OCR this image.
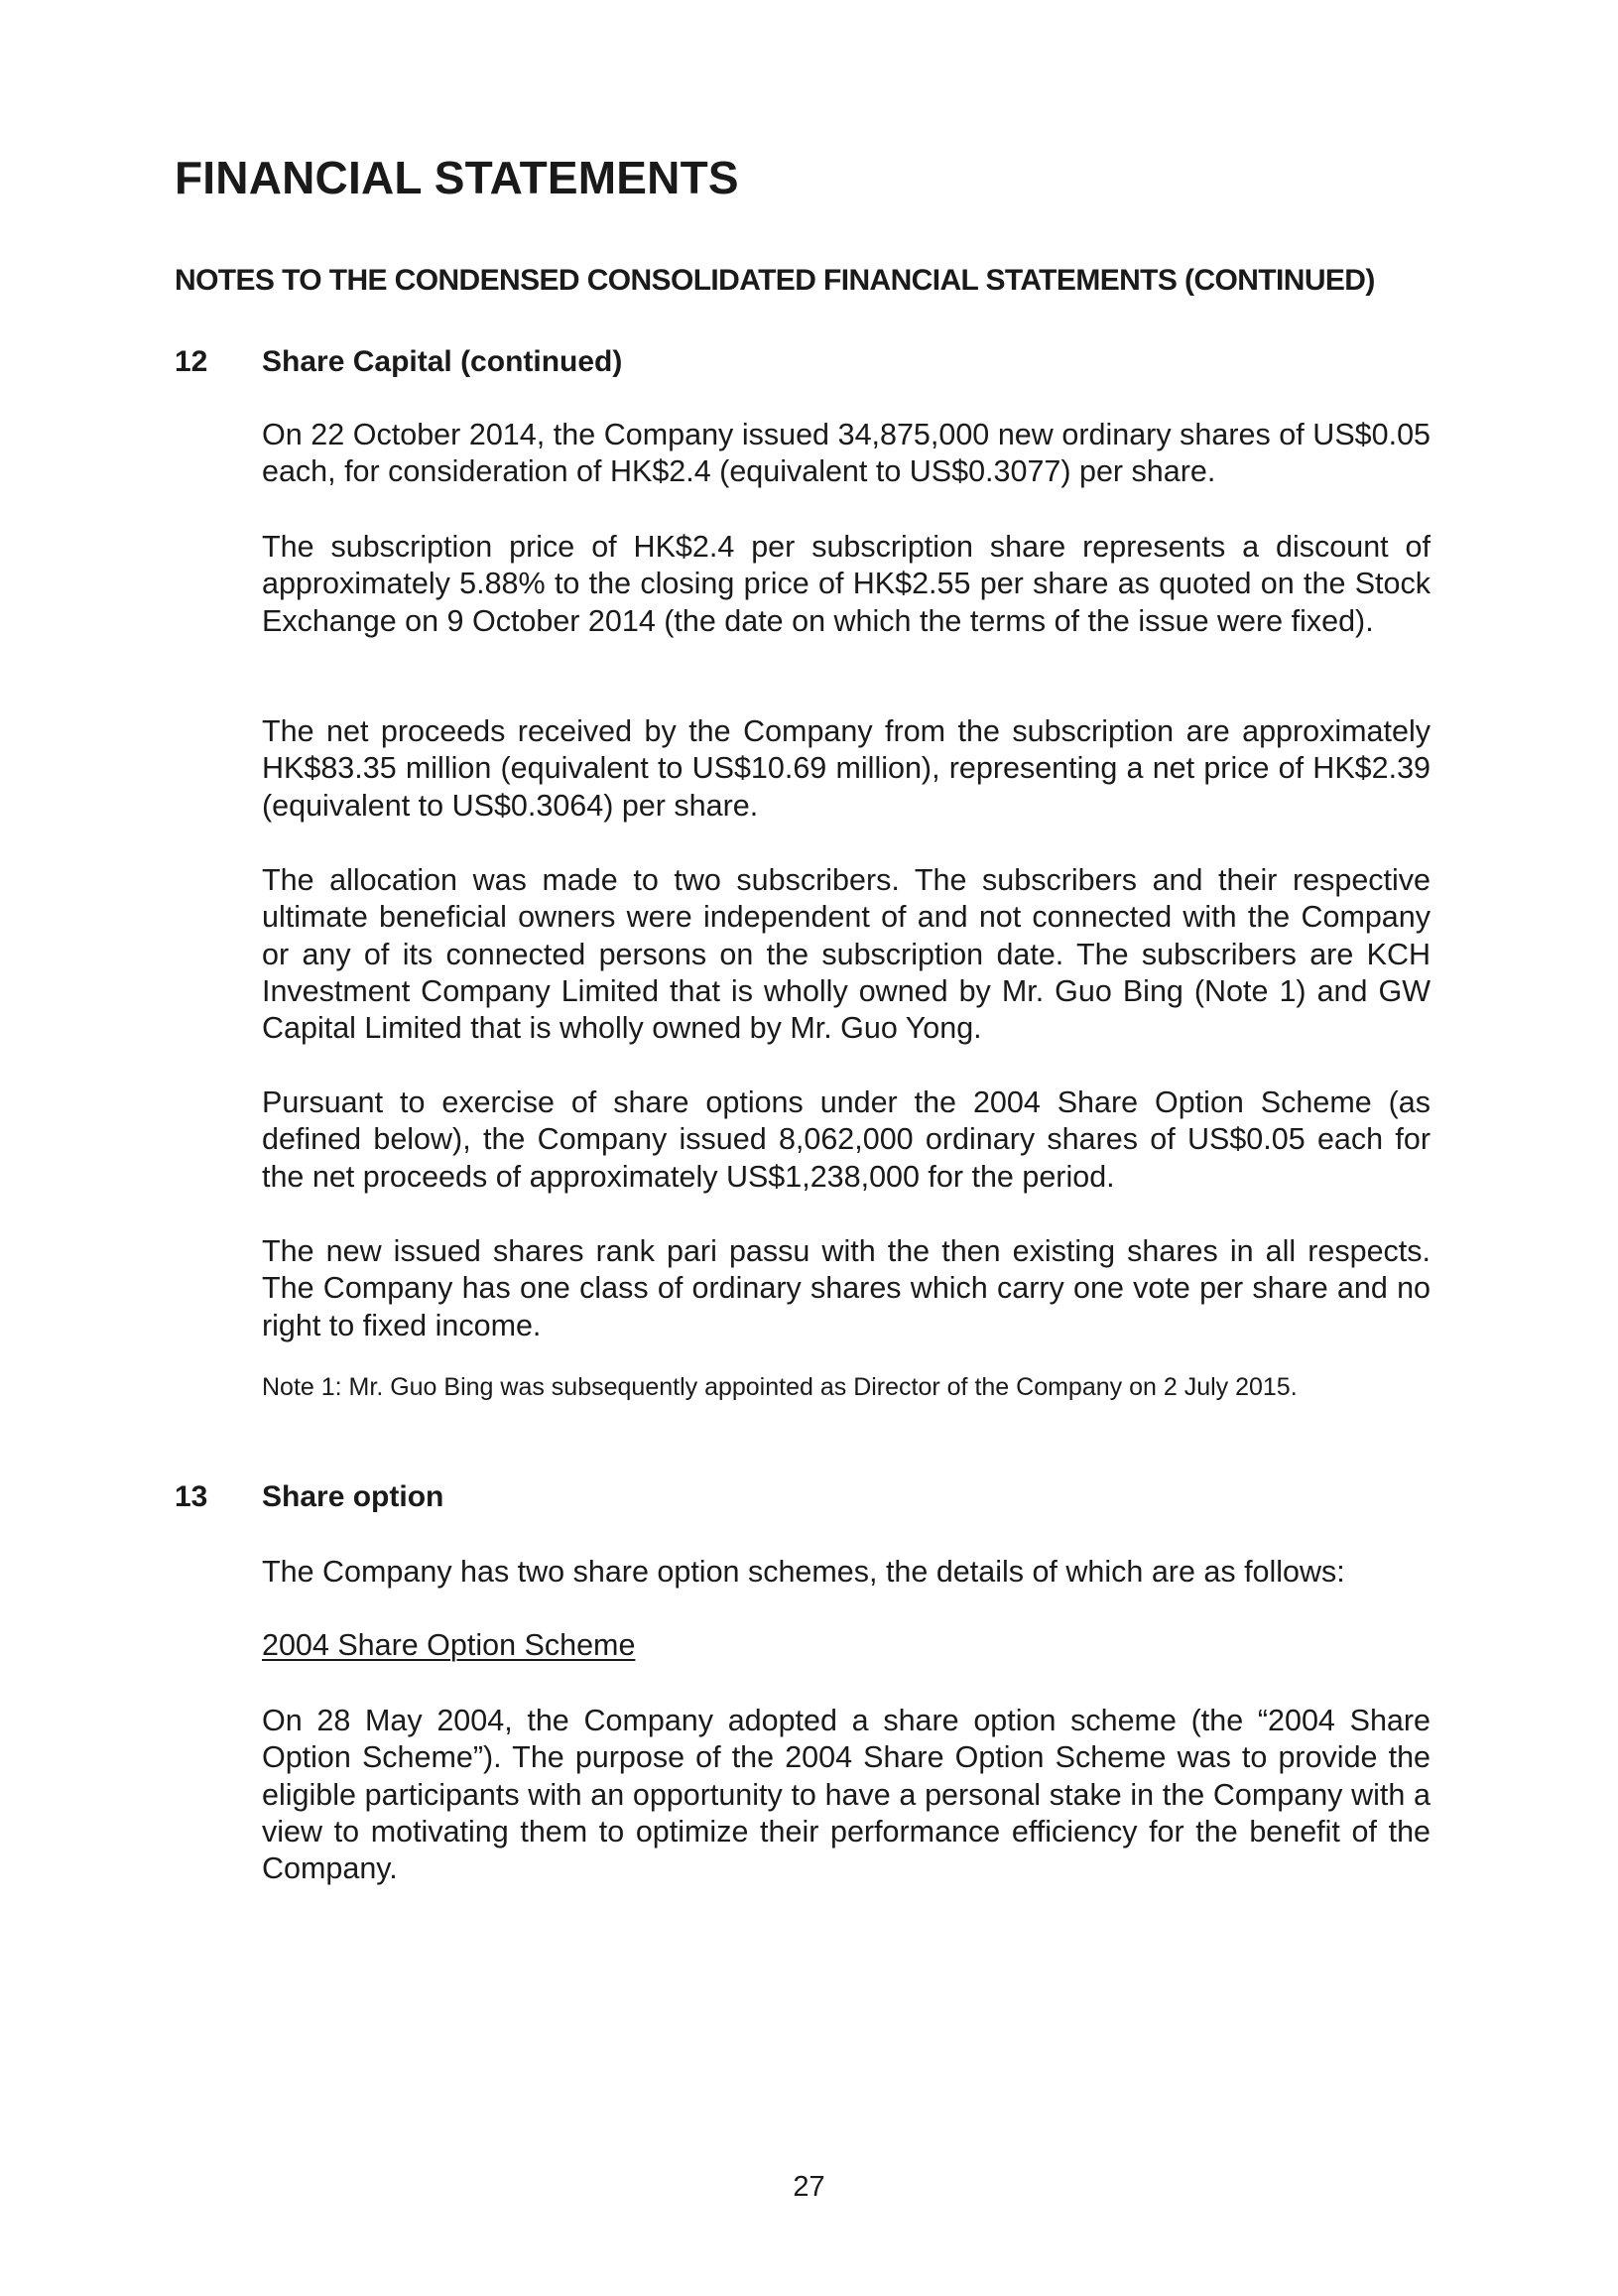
FINANCIAL STATEMENTS
NOTES TO THE CONDENSED CONSOLIDATED FINANCIAL STATEMENTS (CONTINUED)
12 Share Capital (continued)

On 22 October 2014, the Company issued 34,875,000 new ordinary shares of US$0.05 each, for consideration of HK$2.4 (equivalent to US$0.3077) per share.

The subscription price of HK$2.4 per subscription share represents a discount of approximately 5.88% to the closing price of HK$2.55 per share as quoted on the Stock Exchange on 9 October 2014 (the date on which the terms of the issue were fixed).

The net proceeds received by the Company from the subscription are approximately HK$83.35 million (equivalent to US$10.69 million), representing a net price of HK$2.39 (equivalent to US$0.3064) per share.

The allocation was made to two subscribers. The subscribers and their respective ultimate beneficial owners were independent of and not connected with the Company or any of its connected persons on the subscription date. The subscribers are KCH Investment Company Limited that is wholly owned by Mr. Guo Bing (Note 1) and GW Capital Limited that is wholly owned by Mr. Guo Yong.

Pursuant to exercise of share options under the 2004 Share Option Scheme (as defined below), the Company issued 8,062,000 ordinary shares of US$0.05 each for the net proceeds of approximately US$1,238,000 for the period.

The new issued shares rank pari passu with the then existing shares in all respects. The Company has one class of ordinary shares which carry one vote per share and no right to fixed income.

Note 1: Mr. Guo Bing was subsequently appointed as Director of the Company on 2 July 2015.

13 Share option

The Company has two share option schemes, the details of which are as follows:

2004 Share Option Scheme

On 28 May 2004, the Company adopted a share option scheme (the “2004 Share Option Scheme”). The purpose of the 2004 Share Option Scheme was to provide the eligible participants with an opportunity to have a personal stake in the Company with a view to motivating them to optimize their performance efficiency for the benefit of the Company.

27
